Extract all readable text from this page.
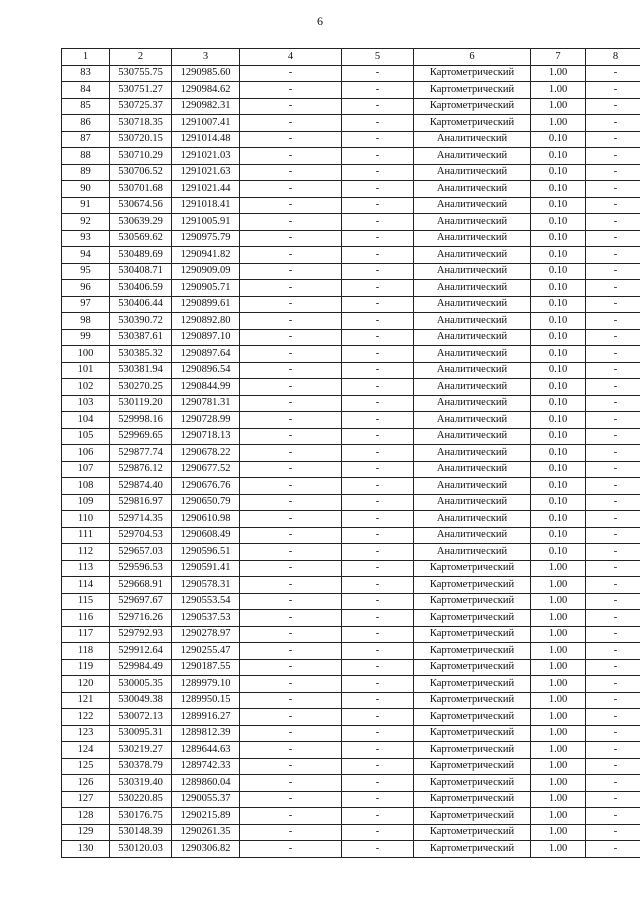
6
1	2	3	4	5	6	7	8
83	530755.75	1290985.60	-	-	Картометрический	1.00	-
84	530751.27	1290984.62	-	-	Картометрический	1.00	-
85	530725.37	1290982.31	-	-	Картометрический	1.00	-
86	530718.35	1291007.41	-	-	Картометрический	1.00	-
87	530720.15	1291014.48	-	-	Аналитический	0.10	-
88	530710.29	1291021.03	-	-	Аналитический	0.10	-
89	530706.52	1291021.63	-	-	Аналитический	0.10	-
90	530701.68	1291021.44	-	-	Аналитический	0.10	-
91	530674.56	1291018.41	-	-	Аналитический	0.10	-
92	530639.29	1291005.91	-	-	Аналитический	0.10	-
93	530569.62	1290975.79	-	-	Аналитический	0.10	-
94	530489.69	1290941.82	-	-	Аналитический	0.10	-
95	530408.71	1290909.09	-	-	Аналитический	0.10	-
96	530406.59	1290905.71	-	-	Аналитический	0.10	-
97	530406.44	1290899.61	-	-	Аналитический	0.10	-
98	530390.72	1290892.80	-	-	Аналитический	0.10	-
99	530387.61	1290897.10	-	-	Аналитический	0.10	-
100	530385.32	1290897.64	-	-	Аналитический	0.10	-
101	530381.94	1290896.54	-	-	Аналитический	0.10	-
102	530270.25	1290844.99	-	-	Аналитический	0.10	-
103	530119.20	1290781.31	-	-	Аналитический	0.10	-
104	529998.16	1290728.99	-	-	Аналитический	0.10	-
105	529969.65	1290718.13	-	-	Аналитический	0.10	-
106	529877.74	1290678.22	-	-	Аналитический	0.10	-
107	529876.12	1290677.52	-	-	Аналитический	0.10	-
108	529874.40	1290676.76	-	-	Аналитический	0.10	-
109	529816.97	1290650.79	-	-	Аналитический	0.10	-
110	529714.35	1290610.98	-	-	Аналитический	0.10	-
111	529704.53	1290608.49	-	-	Аналитический	0.10	-
112	529657.03	1290596.51	-	-	Аналитический	0.10	-
113	529596.53	1290591.41	-	-	Картометрический	1.00	-
114	529668.91	1290578.31	-	-	Картометрический	1.00	-
115	529697.67	1290553.54	-	-	Картометрический	1.00	-
116	529716.26	1290537.53	-	-	Картометрический	1.00	-
117	529792.93	1290278.97	-	-	Картометрический	1.00	-
118	529912.64	1290255.47	-	-	Картометрический	1.00	-
119	529984.49	1290187.55	-	-	Картометрический	1.00	-
120	530005.35	1289979.10	-	-	Картометрический	1.00	-
121	530049.38	1289950.15	-	-	Картометрический	1.00	-
122	530072.13	1289916.27	-	-	Картометрический	1.00	-
123	530095.31	1289812.39	-	-	Картометрический	1.00	-
124	530219.27	1289644.63	-	-	Картометрический	1.00	-
125	530378.79	1289742.33	-	-	Картометрический	1.00	-
126	530319.40	1289860.04	-	-	Картометрический	1.00	-
127	530220.85	1290055.37	-	-	Картометрический	1.00	-
128	530176.75	1290215.89	-	-	Картометрический	1.00	-
129	530148.39	1290261.35	-	-	Картометрический	1.00	-
130	530120.03	1290306.82	-	-	Картометрический	1.00	-
